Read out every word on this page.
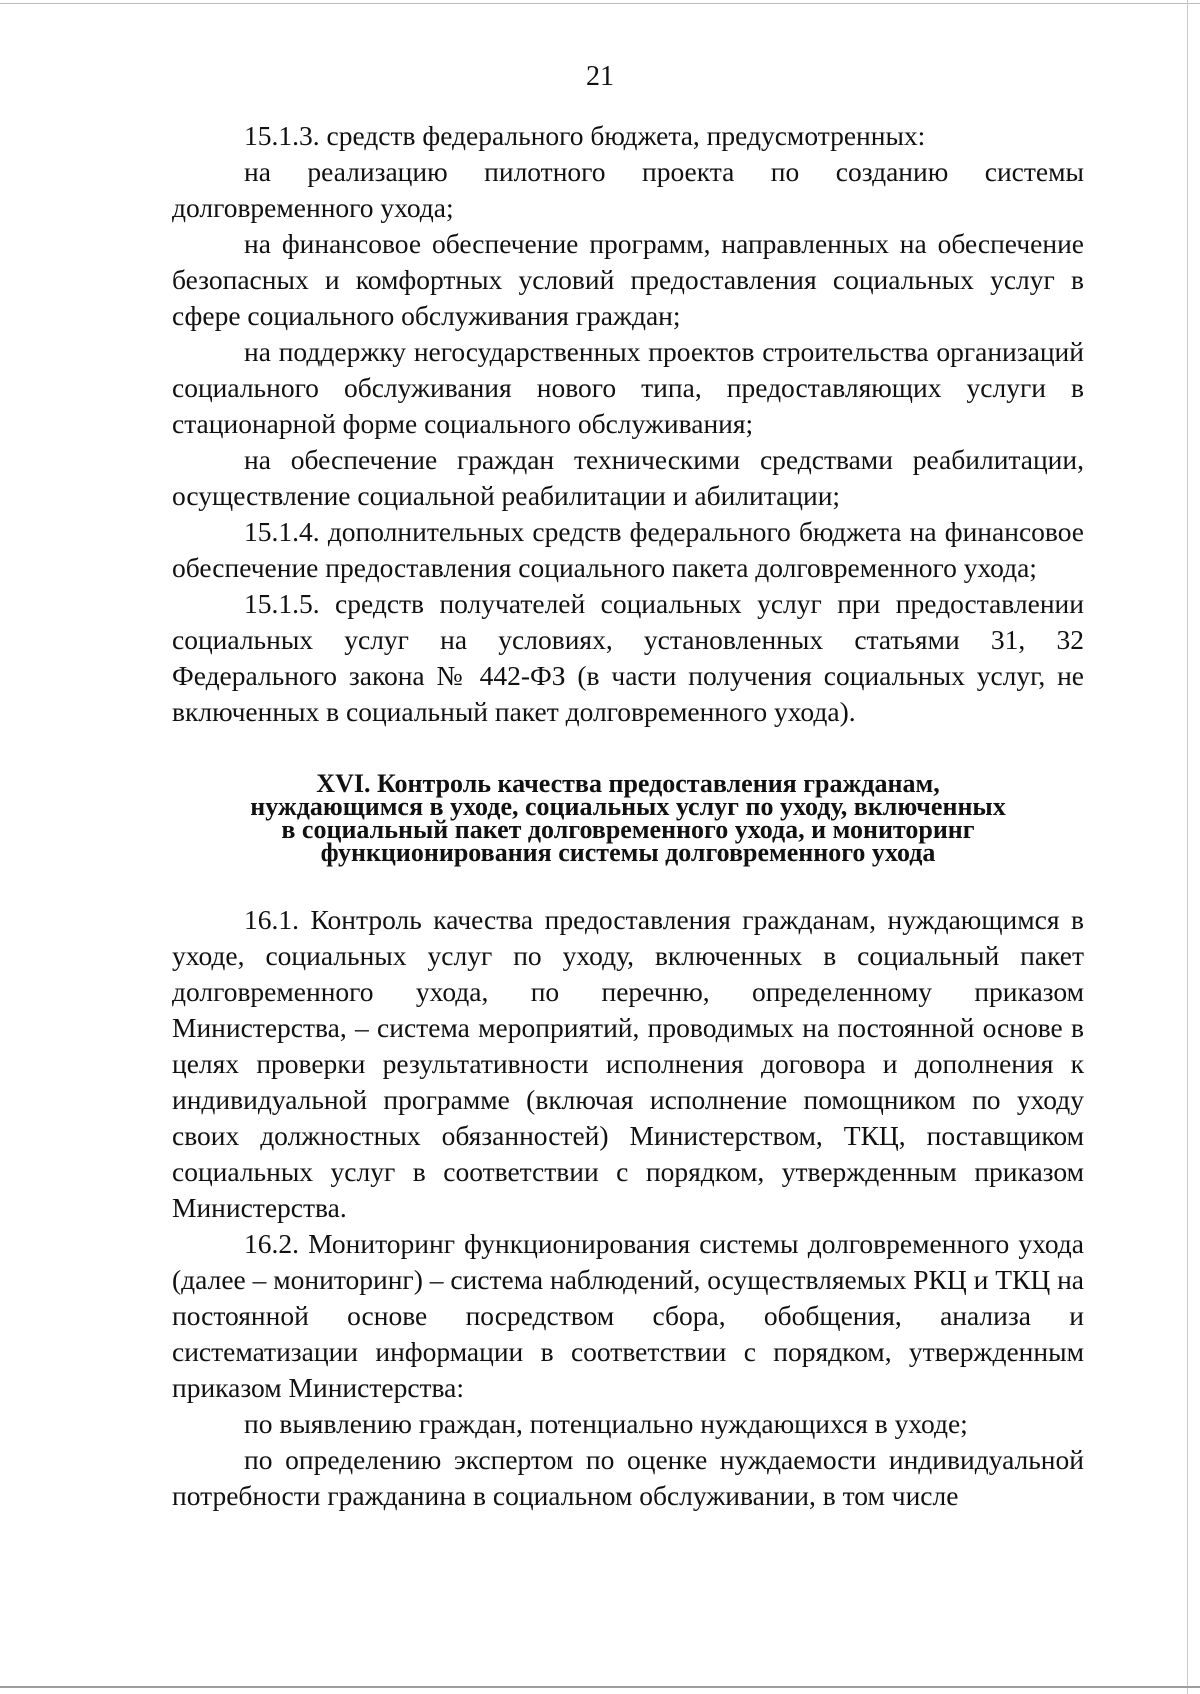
21

15.1.3. средств федерального бюджета, предусмотренных:

на реализацию пилотного проекта по созданию системы долговременного ухода;

на финансовое обеспечение программ, направленных на обеспечение безопасных и комфортных условий предоставления социальных услуг в сфере социального обслуживания граждан;

на поддержку негосударственных проектов строительства организаций социального обслуживания нового типа, предоставляющих услуги в стационарной форме социального обслуживания;

на обеспечение граждан техническими средствами реабилитации, осуществление социальной реабилитации и абилитации;

15.1.4. дополнительных средств федерального бюджета на финансовое обеспечение предоставления социального пакета долговременного ухода;

15.1.5. средств получателей социальных услуг при предоставлении социальных услуг на условиях, установленных статьями 31, 32 Федерального закона № 442-ФЗ (в части получения социальных услуг, не включенных в социальный пакет долговременного ухода).

XVI. Контроль качества предоставления гражданам,
нуждающимся в уходе, социальных услуг по уходу, включенных
в социальный пакет долговременного ухода, и мониторинг
функционирования системы долговременного ухода

16.1. Контроль качества предоставления гражданам, нуждающимся в уходе, социальных услуг по уходу, включенных в социальный пакет долговременного ухода, по перечню, определенному приказом Министерства, – система мероприятий, проводимых на постоянной основе в целях проверки результативности исполнения договора и дополнения к индивидуальной программе (включая исполнение помощником по уходу своих должностных обязанностей) Министерством, ТКЦ, поставщиком социальных услуг в соответствии с порядком, утвержденным приказом Министерства.

16.2. Мониторинг функционирования системы долговременного ухода (далее – мониторинг) – система наблюдений, осуществляемых РКЦ и ТКЦ на постоянной основе посредством сбора, обобщения, анализа и систематизации информации в соответствии с порядком, утвержденным приказом Министерства:

по выявлению граждан, потенциально нуждающихся в уходе;

по определению экспертом по оценке нуждаемости индивидуальной потребности гражданина в социальном обслуживании, в том числе
